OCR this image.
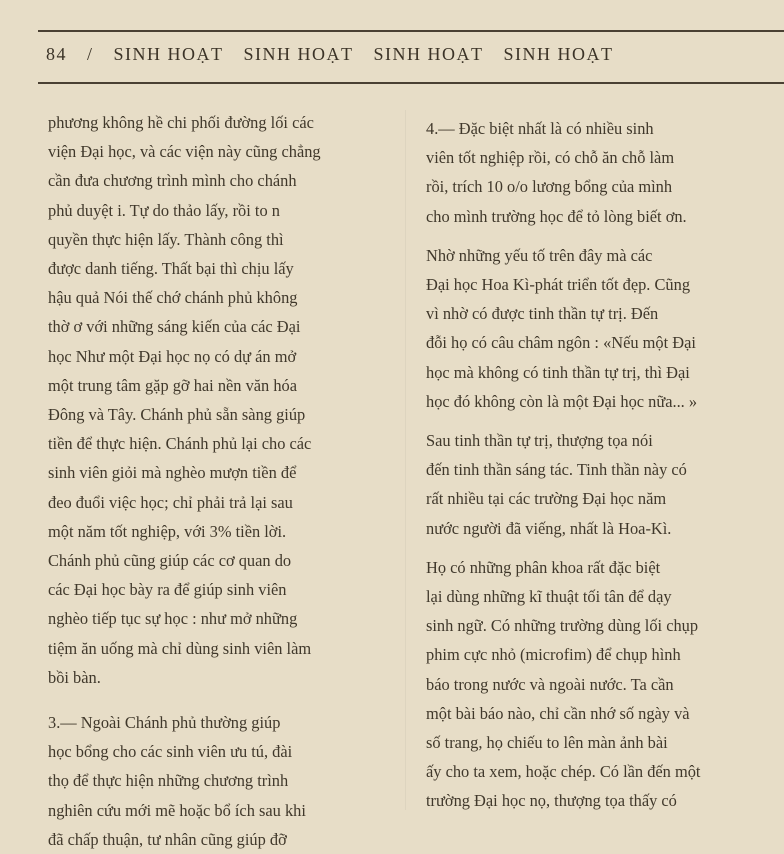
84 / SINH HOẠT SINH HOẠT SINH HOẠT SINH HOẠT
phương không hề chi phối đường lối các
viện Đại học, và các viện này cũng chẳng
cần đưa chương trình mình cho chánh
phủ duyệt i. Tự do thảo lấy, rồi to n
quyền thực hiện lấy. Thành công thì
được danh tiếng. Thất bại thì chịu lấy
hậu quả Nói thế chớ chánh phủ không
thờ ơ với những sáng kiến của các Đại
học Như một Đại học nọ có dự án mở
một trung tâm gặp gỡ hai nền văn hóa
Đông và Tây. Chánh phủ sẵn sàng giúp
tiền để thực hiện. Chánh phủ lại cho các
sinh viên giỏi mà nghèo mượn tiền để
đeo đuổi việc học; chỉ phải trả lại sau
một năm tốt nghiệp, với 3% tiền lời.
Chánh phủ cũng giúp các cơ quan do
các Đại học bày ra để giúp sinh viên
nghèo tiếp tục sự học : như mở những
tiệm ăn uống mà chỉ dùng sinh viên làm
bồi bàn.
3.— Ngoài Chánh phủ thường giúp
học bổng cho các sinh viên ưu tú, đài
thọ để thực hiện những chương trình
nghiên cứu mới mẽ hoặc bổ ích sau khi
đã chấp thuận, tư nhân cũng giúp đỡ
4.— Đặc biệt nhất là có nhiều sinh
viên tốt nghiệp rồi, có chỗ ăn chỗ làm
rồi, trích 10 o/o lương bổng của mình
cho mình trường học để tỏ lòng biết ơn.
Nhờ những yếu tố trên đây mà các
Đại học Hoa Kì-phát triển tốt đẹp. Cũng
vì nhờ có được tinh thần tự trị. Đến
đỗi họ có câu châm ngôn : «Nếu một Đại
học mà không có tinh thần tự trị, thì Đại
học đó không còn là một Đại học nữa... »
Sau tinh thần tự trị, thượng tọa nói
đến tinh thần sáng tác. Tinh thần này có
rất nhiều tại các trường Đại học năm
nước người đã viếng, nhất là Hoa-Kì.
Họ có những phân khoa rất đặc biệt
lại dùng những kĩ thuật tối tân để dạy
sinh ngữ. Có những trường dùng lối chụp
phim cực nhỏ (microfim) để chụp hình
báo trong nước và ngoài nước. Ta cần
một bài báo nào, chỉ cần nhớ số ngày và
số trang, họ chiếu to lên màn ảnh bài
ấy cho ta xem, hoặc chép. Có lần đến một
trường Đại học nọ, thượng tọa thấy có
